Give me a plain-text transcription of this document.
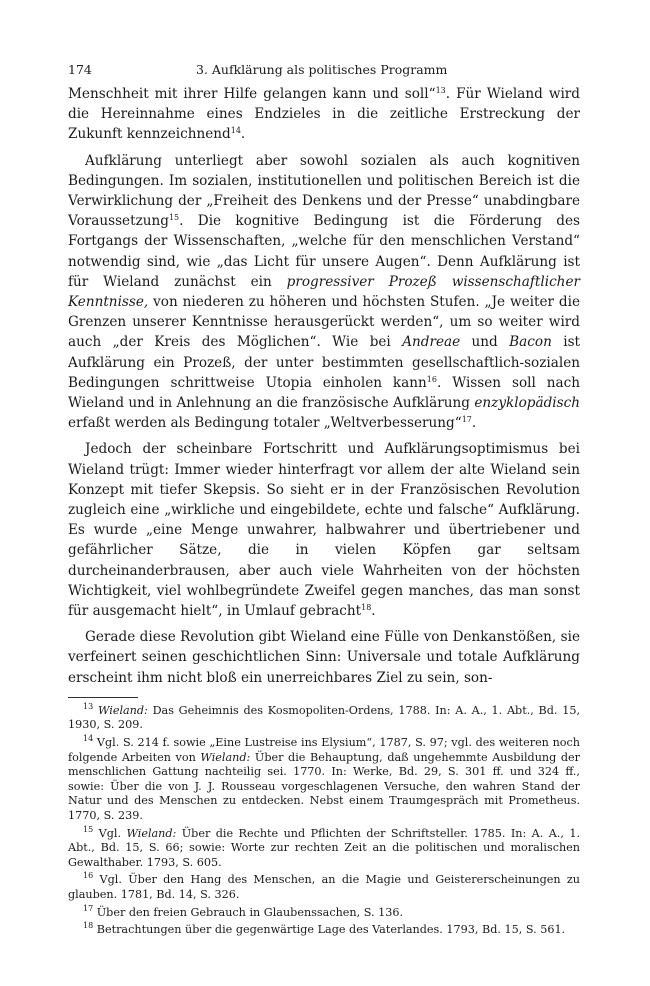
174	3. Aufklärung als politisches Programm

Menschheit mit ihrer Hilfe gelangen kann und soll“$^{13}$. Für Wieland wird die Hereinnahme eines Endzieles in die zeitliche Erstreckung der Zukunft kennzeichnend$^{14}$.

Aufklärung unterliegt aber sowohl sozialen als auch kognitiven Bedingungen. Im sozialen, institutionellen und politischen Bereich ist die Verwirklichung der „Freiheit des Denkens und der Presse“ unabdingbare Voraussetzung$^{15}$. Die kognitive Bedingung ist die Förderung des Fortgangs der Wissenschaften, „welche für den menschlichen Verstand“ notwendig sind, wie „das Licht für unsere Augen“. Denn Aufklärung ist für Wieland zunächst ein progressiver Prozeß wissenschaftlicher Kenntnisse, von niederen zu höheren und höchsten Stufen. „Je weiter die Grenzen unserer Kenntnisse herausgerückt werden“, um so weiter wird auch „der Kreis des Möglichen“. Wie bei Andreae und Bacon ist Aufklärung ein Prozeß, der unter bestimmten gesellschaftlich-sozialen Bedingungen schrittweise Utopia einholen kann$^{16}$. Wissen soll nach Wieland und in Anlehnung an die französische Aufklärung enzyklopädisch erfaßt werden als Bedingung totaler „Weltverbesserung“$^{17}$.

Jedoch der scheinbare Fortschritt und Aufklärungsoptimismus bei Wieland trügt: Immer wieder hinterfragt vor allem der alte Wieland sein Konzept mit tiefer Skepsis. So sieht er in der Französischen Revolution zugleich eine „wirkliche und eingebildete, echte und falsche“ Aufklärung. Es wurde „eine Menge unwahrer, halbwahrer und übertriebener und gefährlicher Sätze, die in vielen Köpfen gar seltsam durcheinanderbrausen, aber auch viele Wahrheiten von der höchsten Wichtigkeit, viel wohlbegründete Zweifel gegen manches, das man sonst für ausgemacht hielt“, in Umlauf gebracht$^{18}$.

Gerade diese Revolution gibt Wieland eine Fülle von Denkanstößen, sie verfeinert seinen geschichtlichen Sinn: Universale und totale Aufklärung erscheint ihm nicht bloß ein unerreichbares Ziel zu sein, son-

$^{13}$ Wieland: Das Geheimnis des Kosmopoliten-Ordens, 1788. In: A. A., 1. Abt., Bd. 15, 1930, S. 209.

$^{14}$ Vgl. S. 214 f. sowie „Eine Lustreise ins Elysium“, 1787, S. 97; vgl. des weiteren noch folgende Arbeiten von Wieland: Über die Behauptung, daß ungehemmte Ausbildung der menschlichen Gattung nachteilig sei. 1770. In: Werke, Bd. 29, S. 301 ff. und 324 ff., sowie: Über die von J. J. Rousseau vorgeschlagenen Versuche, den wahren Stand der Natur und des Menschen zu entdecken. Nebst einem Traumgespräch mit Prometheus. 1770, S. 239.

$^{15}$ Vgl. Wieland: Über die Rechte und Pflichten der Schriftsteller. 1785. In: A. A., 1. Abt., Bd. 15, S. 66; sowie: Worte zur rechten Zeit an die politischen und moralischen Gewalthaber. 1793, S. 605.

$^{16}$ Vgl. Über den Hang des Menschen, an die Magie und Geistererscheinungen zu glauben. 1781, Bd. 14, S. 326.

$^{17}$ Über den freien Gebrauch in Glaubenssachen, S. 136.

$^{18}$ Betrachtungen über die gegenwärtige Lage des Vaterlandes. 1793, Bd. 15, S. 561.
